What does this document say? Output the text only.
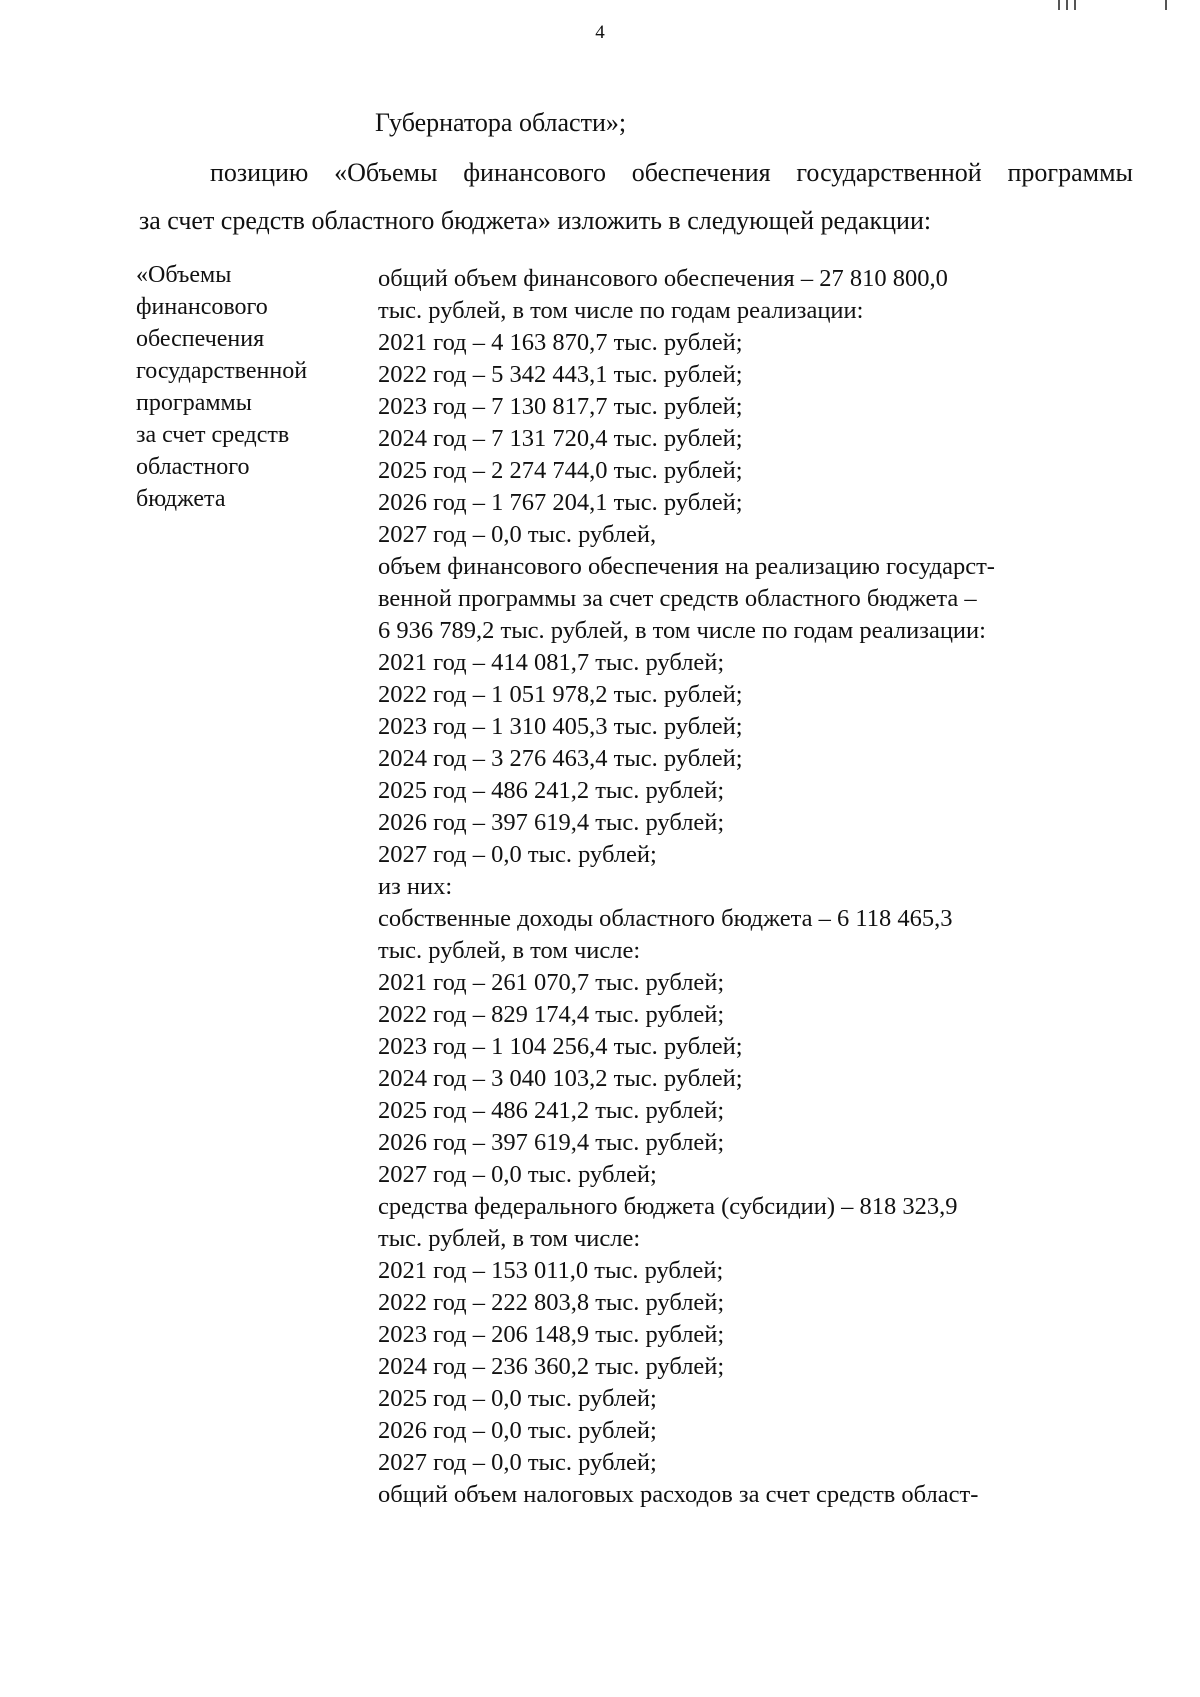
4
Губернатора области»;
позицию «Объемы финансового обеспечения государственной программы
за счет средств областного бюджета» изложить в следующей редакции:
«Объемы
финансового
обеспечения
государственной
программы
за счет средств
областного
бюджета
общий объем финансового обеспечения – 27 810 800,0
тыс. рублей, в том числе по годам реализации:
2021 год – 4 163 870,7 тыс. рублей;
2022 год – 5 342 443,1 тыс. рублей;
2023 год – 7 130 817,7 тыс. рублей;
2024 год – 7 131 720,4 тыс. рублей;
2025 год – 2 274 744,0 тыс. рублей;
2026 год – 1 767 204,1 тыс. рублей;
2027 год – 0,0 тыс. рублей,
объем финансового обеспечения на реализацию государст-
венной программы за счет средств областного бюджета –
6 936 789,2 тыс. рублей, в том числе по годам реализации:
2021 год – 414 081,7 тыс. рублей;
2022 год – 1 051 978,2 тыс. рублей;
2023 год – 1 310 405,3 тыс. рублей;
2024 год – 3 276 463,4 тыс. рублей;
2025 год – 486 241,2 тыс. рублей;
2026 год – 397 619,4 тыс. рублей;
2027 год – 0,0 тыс. рублей;
из них:
собственные доходы областного бюджета – 6 118 465,3
тыс. рублей, в том числе:
2021 год – 261 070,7 тыс. рублей;
2022 год – 829 174,4 тыс. рублей;
2023 год – 1 104 256,4 тыс. рублей;
2024 год – 3 040 103,2 тыс. рублей;
2025 год – 486 241,2 тыс. рублей;
2026 год – 397 619,4 тыс. рублей;
2027 год – 0,0 тыс. рублей;
средства федерального бюджета (субсидии) – 818 323,9
тыс. рублей, в том числе:
2021 год – 153 011,0 тыс. рублей;
2022 год – 222 803,8 тыс. рублей;
2023 год – 206 148,9 тыс. рублей;
2024 год – 236 360,2 тыс. рублей;
2025 год – 0,0 тыс. рублей;
2026 год – 0,0 тыс. рублей;
2027 год – 0,0 тыс. рублей;
общий объем налоговых расходов за счет средств област-
